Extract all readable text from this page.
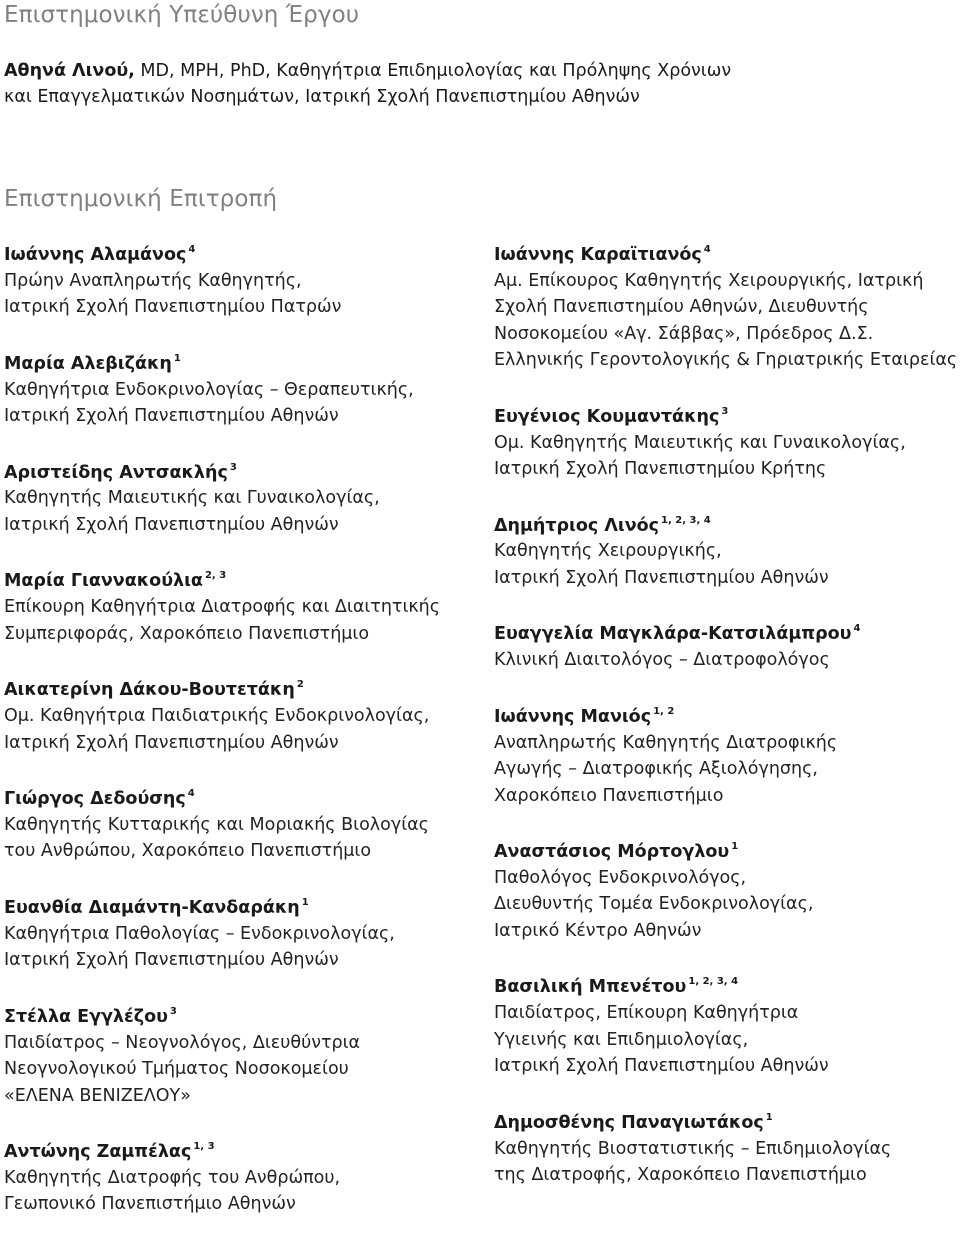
Επιστημονική Υπεύθυνη Έργου
Αθηνά Λινού, MD, MPH, PhD, Καθηγήτρια Επιδημιολογίας και Πρόληψης Χρόνιων
και Επαγγελματικών Νοσημάτων, Ιατρική Σχολή Πανεπιστημίου Αθηνών
Επιστημονική Επιτροπή
Ιωάννης Αλαμάνος $^4$
Πρώην Αναπληρωτής Καθηγητής,
Ιατρική Σχολή Πανεπιστημίου Πατρών
Μαρία Αλεβιζάκη $^1$
Καθηγήτρια Ενδοκρινολογίας – Θεραπευτικής,
Ιατρική Σχολή Πανεπιστημίου Αθηνών
Αριστείδης Αντσακλής $^3$
Καθηγητής Μαιευτικής και Γυναικολογίας,
Ιατρική Σχολή Πανεπιστημίου Αθηνών
Μαρία Γιαννακούλια $^{2, 3}$
Επίκουρη Καθηγήτρια Διατροφής και Διαιτητικής
Συμπεριφοράς, Χαροκόπειο Πανεπιστήμιο
Αικατερίνη Δάκου-Βουτετάκη $^2$
Ομ. Καθηγήτρια Παιδιατρικής Ενδοκρινολογίας,
Ιατρική Σχολή Πανεπιστημίου Αθηνών
Γιώργος Δεδούσης $^4$
Καθηγητής Κυτταρικής και Μοριακής Βιολογίας
του Ανθρώπου, Χαροκόπειο Πανεπιστήμιο
Ευανθία Διαμάντη-Κανδαράκη $^1$
Καθηγήτρια Παθολογίας – Ενδοκρινολογίας,
Ιατρική Σχολή Πανεπιστημίου Αθηνών
Στέλλα Εγγλέζου $^3$
Παιδίατρος – Νεογνολόγος, Διευθύντρια
Νεογνολογικού Τμήματος Νοσοκομείου
«ΕΛΕΝΑ ΒΕΝΙΖΕΛΟΥ»
Αντώνης Ζαμπέλας $^{1, 3}$
Καθηγητής Διατροφής του Ανθρώπου,
Γεωπονικό Πανεπιστήμιο Αθηνών
Ιωάννης Καραϊτιανός $^4$
Αμ. Επίκουρος Καθηγητής Χειρουργικής, Ιατρική
Σχολή Πανεπιστημίου Αθηνών, Διευθυντής
Νοσοκομείου «Αγ. Σάββας», Πρόεδρος Δ.Σ.
Ελληνικής Γεροντολογικής & Γηριατρικής Εταιρείας
Ευγένιος Κουμαντάκης $^3$
Ομ. Καθηγητής Μαιευτικής και Γυναικολογίας,
Ιατρική Σχολή Πανεπιστημίου Κρήτης
Δημήτριος Λινός $^{1, 2, 3, 4}$
Καθηγητής Χειρουργικής,
Ιατρική Σχολή Πανεπιστημίου Αθηνών
Ευαγγελία Μαγκλάρα-Κατσιλάμπρου $^4$
Κλινική Διαιτολόγος – Διατροφολόγος
Ιωάννης Μανιός $^{1, 2}$
Αναπληρωτής Καθηγητής Διατροφικής
Αγωγής – Διατροφικής Αξιολόγησης,
Χαροκόπειο Πανεπιστήμιο
Αναστάσιος Μόρτογλου $^1$
Παθολόγος Ενδοκρινολόγος,
Διευθυντής Τομέα Ενδοκρινολογίας,
Ιατρικό Κέντρο Αθηνών
Βασιλική Μπενέτου $^{1, 2, 3, 4}$
Παιδίατρος, Επίκουρη Καθηγήτρια
Υγιεινής και Επιδημιολογίας,
Ιατρική Σχολή Πανεπιστημίου Αθηνών
Δημοσθένης Παναγιωτάκος $^1$
Καθηγητής Βιοστατιστικής – Επιδημιολογίας
της Διατροφής, Χαροκόπειο Πανεπιστήμιο
